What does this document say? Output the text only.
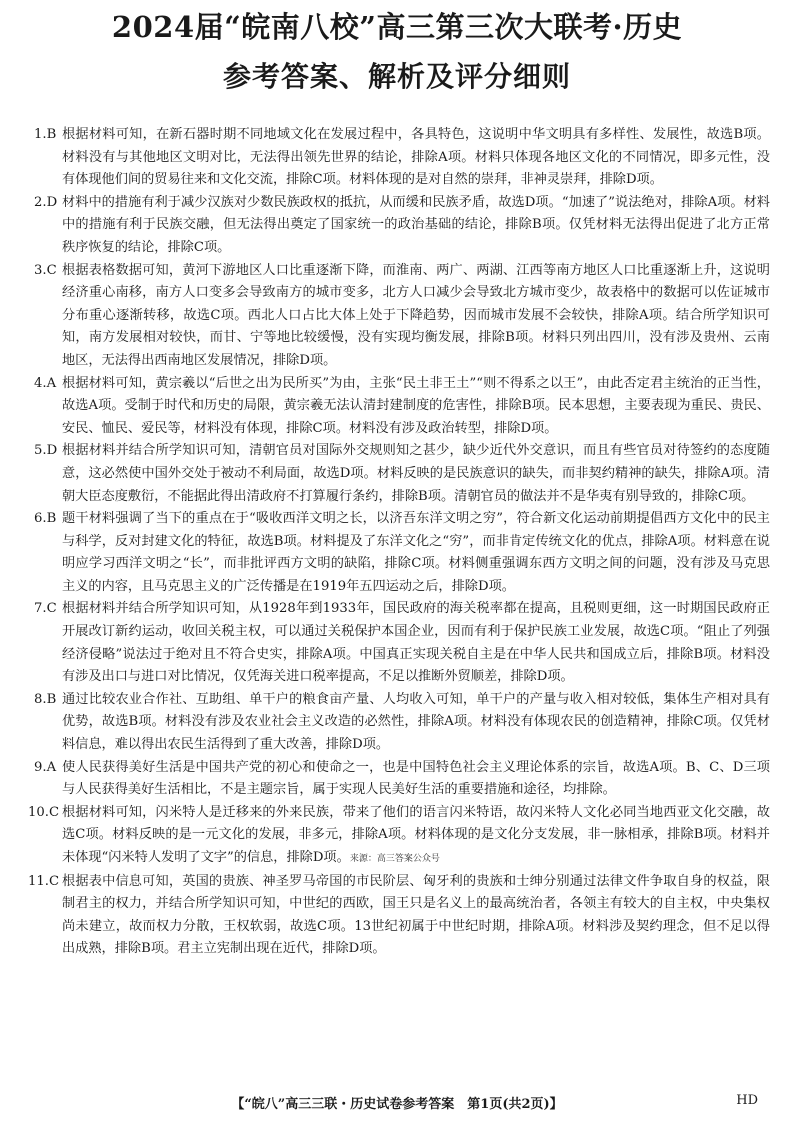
2024届“皖南八校”高三第三次大联考·历史
参考答案、解析及评分细则
1.B 根据材料可知，在新石器时期不同地域文化在发展过程中，各具特色，这说明中华文明具有多样性、发展性，故选B项。材料没有与其他地区文明对比，无法得出领先世界的结论，排除A项。材料只体现各地区文化的不同情况，即多元性，没有体现他们间的贸易往来和文化交流，排除C项。材料体现的是对自然的崇拜，非神灵崇拜，排除D项。
2.D 材料中的措施有利于减少汉族对少数民族政权的抵抗，从而缓和民族矛盾，故选D项。“加速了”说法绝对，排除A项。材料中的措施有利于民族交融，但无法得出奠定了国家统一的政治基础的结论，排除B项。仅凭材料无法得出促进了北方正常秩序恢复的结论，排除C项。
3.C 根据表格数据可知，黄河下游地区人口比重逐渐下降，而淮南、两广、两湖、江西等南方地区人口比重逐渐上升，这说明经济重心南移，南方人口变多会导致南方的城市变多，北方人口减少会导致北方城市变少，故表格中的数据可以佐证城市分布重心逐渐转移，故选C项。西北人口占比大体上处于下降趋势，因而城市发展不会较快，排除A项。结合所学知识可知，南方发展相对较快，而甘、宁等地比较缓慢，没有实现均衡发展，排除B项。材料只列出四川，没有涉及贵州、云南地区，无法得出西南地区发展情况，排除D项。
4.A 根据材料可知，黄宗羲以“后世之出为民所买”为由，主张“民土非王土”“则不得系之以王”，由此否定君主统治的正当性，故选A项。受制于时代和历史的局限，黄宗羲无法认清封建制度的危害性，排除B项。民本思想，主要表现为重民、贵民、安民、恤民、爱民等，材料没有体现，排除C项。材料没有涉及政治转型，排除D项。
5.D 根据材料并结合所学知识可知，清朝官员对国际外交规则知之甚少，缺少近代外交意识，而且有些官员对待签约的态度随意，这必然使中国外交处于被动不利局面，故选D项。材料反映的是民族意识的缺失，而非契约精神的缺失，排除A项。清朝大臣态度敷衍，不能据此得出清政府不打算履行条约，排除B项。清朝官员的做法并不是华夷有别导致的，排除C项。
6.B 题干材料强调了当下的重点在于“吸收西洋文明之长，以济吾东洋文明之穷”，符合新文化运动前期提倡西方文化中的民主与科学，反对封建文化的特征，故选B项。材料提及了东洋文化之“穷”，而非肯定传统文化的优点，排除A项。材料意在说明应学习西洋文明之“长”，而非批评西方文明的缺陷，排除C项。材料侧重强调东西方文明之间的问题，没有涉及马克思主义的内容，且马克思主义的广泛传播是在1919年五四运动之后，排除D项。
7.C 根据材料并结合所学知识可知，从1928年到1933年，国民政府的海关税率都在提高，且税则更细，这一时期国民政府正开展改订新约运动，收回关税主权，可以通过关税保护本国企业，因而有利于保护民族工业发展，故选C项。“阻止了列强经济侵略”说法过于绝对且不符合史实，排除A项。中国真正实现关税自主是在中华人民共和国成立后，排除B项。材料没有涉及出口与进口对比情况，仅凭海关进口税率提高，不足以推断外贸顺差，排除D项。
8.B 通过比较农业合作社、互助组、单干户的粮食亩产量、人均收入可知，单干户的产量与收入相对较低，集体生产相对具有优势，故选B项。材料没有涉及农业社会主义改造的必然性，排除A项。材料没有体现农民的创造精神，排除C项。仅凭材料信息，难以得出农民生活得到了重大改善，排除D项。
9.A 使人民获得美好生活是中国共产党的初心和使命之一，也是中国特色社会主义理论体系的宗旨，故选A项。B、C、D三项与人民获得美好生活相比，不是主题宗旨，属于实现人民美好生活的重要措施和途径，均排除。
10.C 根据材料可知，闪米特人是迁移来的外来民族，带来了他们的语言闪米特语，故闪米特人文化必同当地西亚文化交融，故选C项。材料反映的是一元文化的发展，非多元，排除A项。材料体现的是文化分支发展，非一脉相承，排除B项。材料并未体现“闪米特人发明了文字”的信息，排除D项。来源：高三答案公众号
11.C 根据表中信息可知，英国的贵族、神圣罗马帝国的市民阶层、匈牙利的贵族和士绅分别通过法律文件争取自身的权益，限制君主的权力，并结合所学知识可知，中世纪的西欧，国王只是名义上的最高统治者，各领主有较大的自主权，中央集权尚未建立，故而权力分散，王权软弱，故选C项。13世纪初属于中世纪时期，排除A项。材料涉及契约理念，但不足以得出成熟，排除B项。君主立宪制出现在近代，排除D项。
【“皖八”高三三联・历史试卷参考答案　第1页(共2页)】	HD
